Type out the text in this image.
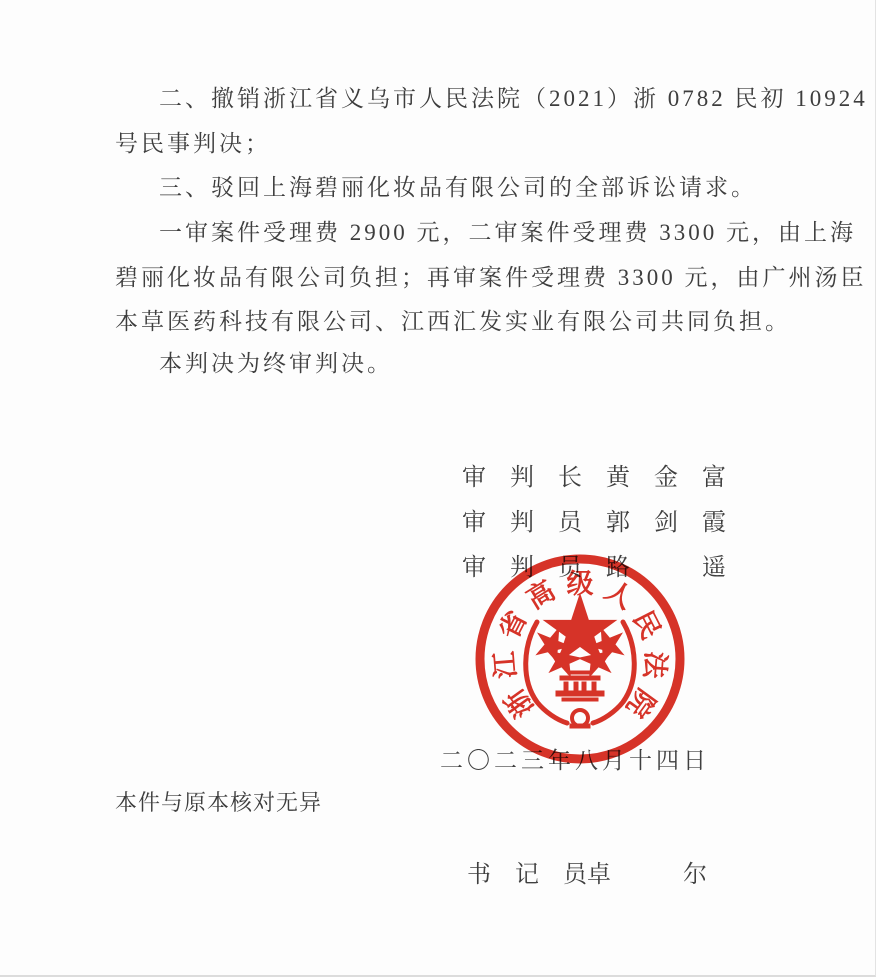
二、撤销浙江省义乌市人民法院（2021）浙 0782 民初 10924
号民事判决；
三、驳回上海碧丽化妆品有限公司的全部诉讼请求。
一审案件受理费 2900 元，二审案件受理费 3300 元，由上海
碧丽化妆品有限公司负担；再审案件受理费 3300 元，由广州汤臣
本草医药科技有限公司、江西汇发实业有限公司共同负担。
本判决为终审判决。

审　判　长 黄　金　富

审　判　员 郭　剑　霞

审　判　员 路　　　遥

二〇二三年八月十四日
浙
江
省
高 级 人
民
法
院
本件与原本核对无异

书　记　员卓　　　尔
